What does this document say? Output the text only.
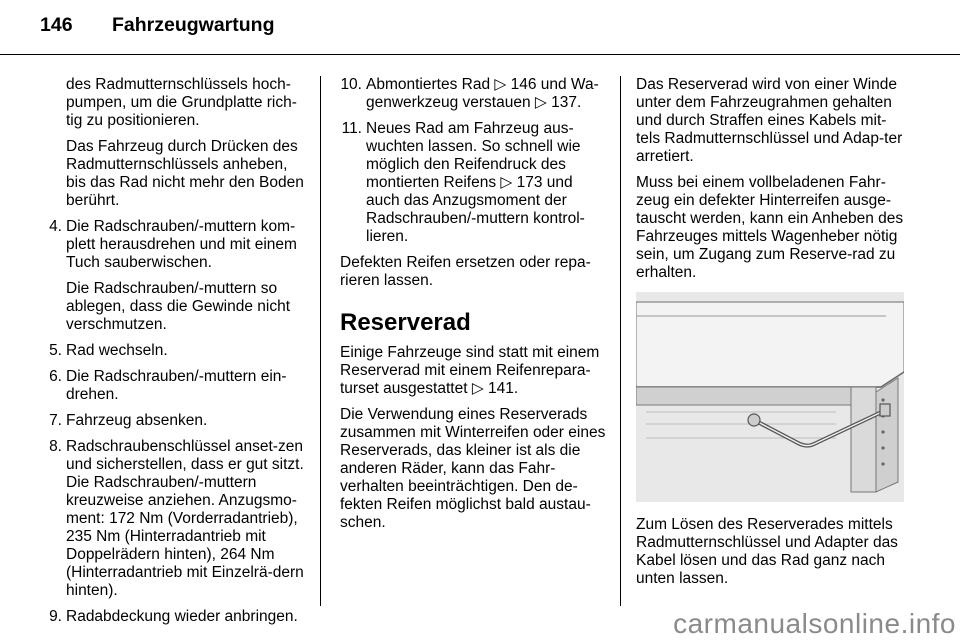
146	Fahrzeugwartung

des Radmutternschlüssels hoch-pumpen, um die Grundplatte rich-tig zu positionieren.

Das Fahrzeug durch Drücken des Radmutternschlüssels anheben, bis das Rad nicht mehr den Boden berührt.

4. Die Radschrauben/-muttern kom-plett herausdrehen und mit einem Tuch sauberwischen.

Die Radschrauben/-muttern so ablegen, dass die Gewinde nicht verschmutzen.

5. Rad wechseln.

6. Die Radschrauben/-muttern ein-drehen.

7. Fahrzeug absenken.

8. Radschraubenschlüssel anset-zen und sicherstellen, dass er gut sitzt. Die Radschrauben/-muttern kreuzweise anziehen. Anzugsmo-ment: 172 Nm (Vorderradantrieb), 235 Nm (Hinterradantrieb mit Doppelrädern hinten), 264 Nm (Hinterradantrieb mit Einzelrä-dern hinten).

9. Radabdeckung wieder anbringen.

10. Abmontiertes Rad ▷ 146 und Wa-genwerkzeug verstauen ▷ 137.

11. Neues Rad am Fahrzeug aus-wuchten lassen. So schnell wie möglich den Reifendruck des montierten Reifens ▷ 173 und auch das Anzugsmoment der Radschrauben/-muttern kontrol-lieren.

Defekten Reifen ersetzen oder repa-rieren lassen.

Reserverad

Einige Fahrzeuge sind statt mit einem Reserverad mit einem Reifenrepara-turset ausgestattet ▷ 141.

Die Verwendung eines Reserverads zusammen mit Winterreifen oder eines Reserverads, das kleiner ist als die anderen Räder, kann das Fahr-verhalten beeinträchtigen. Den de-fekten Reifen möglichst bald austau-schen.

Das Reserverad wird von einer Winde unter dem Fahrzeugrahmen gehalten und durch Straffen eines Kabels mit-tels Radmutternschlüssel und Adap-ter arretiert.

Muss bei einem vollbeladenen Fahr-zeug ein defekter Hinterreifen ausge-tauscht werden, kann ein Anheben des Fahrzeuges mittels Wagenheber nötig sein, um Zugang zum Reserve-rad zu erhalten.

Zum Lösen des Reserverades mittels Radmutternschlüssel und Adapter das Kabel lösen und das Rad ganz nach unten lassen.

carmanualsonline.info
